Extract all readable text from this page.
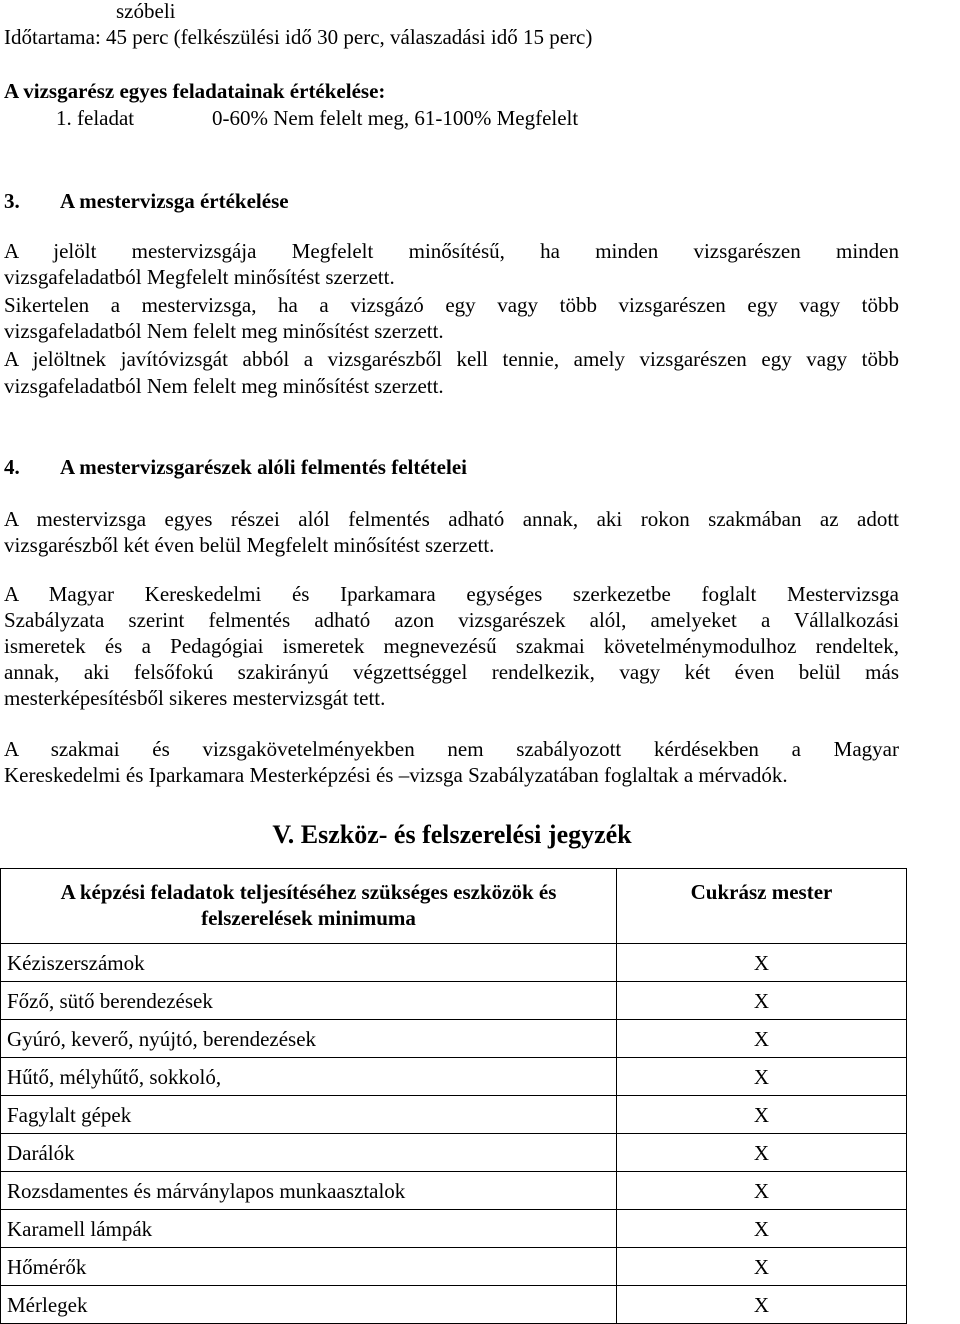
szóbeli
Időtartama: 45 perc (felkészülési idő 30 perc, válaszadási idő 15 perc)
A vizsgarész egyes feladatainak értékelése:
1. feladat	0-60% Nem felelt meg, 61-100% Megfelelt
3. A mestervizsga értékelése
A jelölt mestervizsgája Megfelelt minősítésű, ha minden vizsgarészen minden
vizsgafeladatból Megfelelt minősítést szerzett.
Sikertelen a mestervizsga, ha a vizsgázó egy vagy több vizsgarészen egy vagy több
vizsgafeladatból Nem felelt meg minősítést szerzett.
A jelöltnek javítóvizsgát abból a vizsgarészből kell tennie, amely vizsgarészen egy vagy több
vizsgafeladatból Nem felelt meg minősítést szerzett.
4. A mestervizsgarészek alóli felmentés feltételei
A mestervizsga egyes részei alól felmentés adható annak, aki rokon szakmában az adott
vizsgarészből két éven belül Megfelelt minősítést szerzett.
A Magyar Kereskedelmi és Iparkamara egységes szerkezetbe foglalt Mestervizsga
Szabályzata szerint felmentés adható azon vizsgarészek alól, amelyeket a Vállalkozási
ismeretek és a Pedagógiai ismeretek megnevezésű szakmai követelménymodulhoz rendeltek,
annak, aki felsőfokú szakirányú végzettséggel rendelkezik, vagy két éven belül más
mesterképesítésből sikeres mestervizsgát tett.
A szakmai és vizsgakövetelményekben nem szabályozott kérdésekben a Magyar
Kereskedelmi és Iparkamara Mesterképzési és –vizsga Szabályzatában foglaltak a mérvadók.
V. Eszköz- és felszerelési jegyzék
A képzési feladatok teljesítéséhez szükséges eszközök és felszerelések minimuma	Cukrász mester
Kéziszerszámok	X
Főző, sütő berendezések	X
Gyúró, keverő, nyújtó, berendezések	X
Hűtő, mélyhűtő, sokkoló,	X
Fagylalt gépek	X
Darálók	X
Rozsdamentes és márványlapos munkaasztalok	X
Karamell lámpák	X
Hőmérők	X
Mérlegek	X
